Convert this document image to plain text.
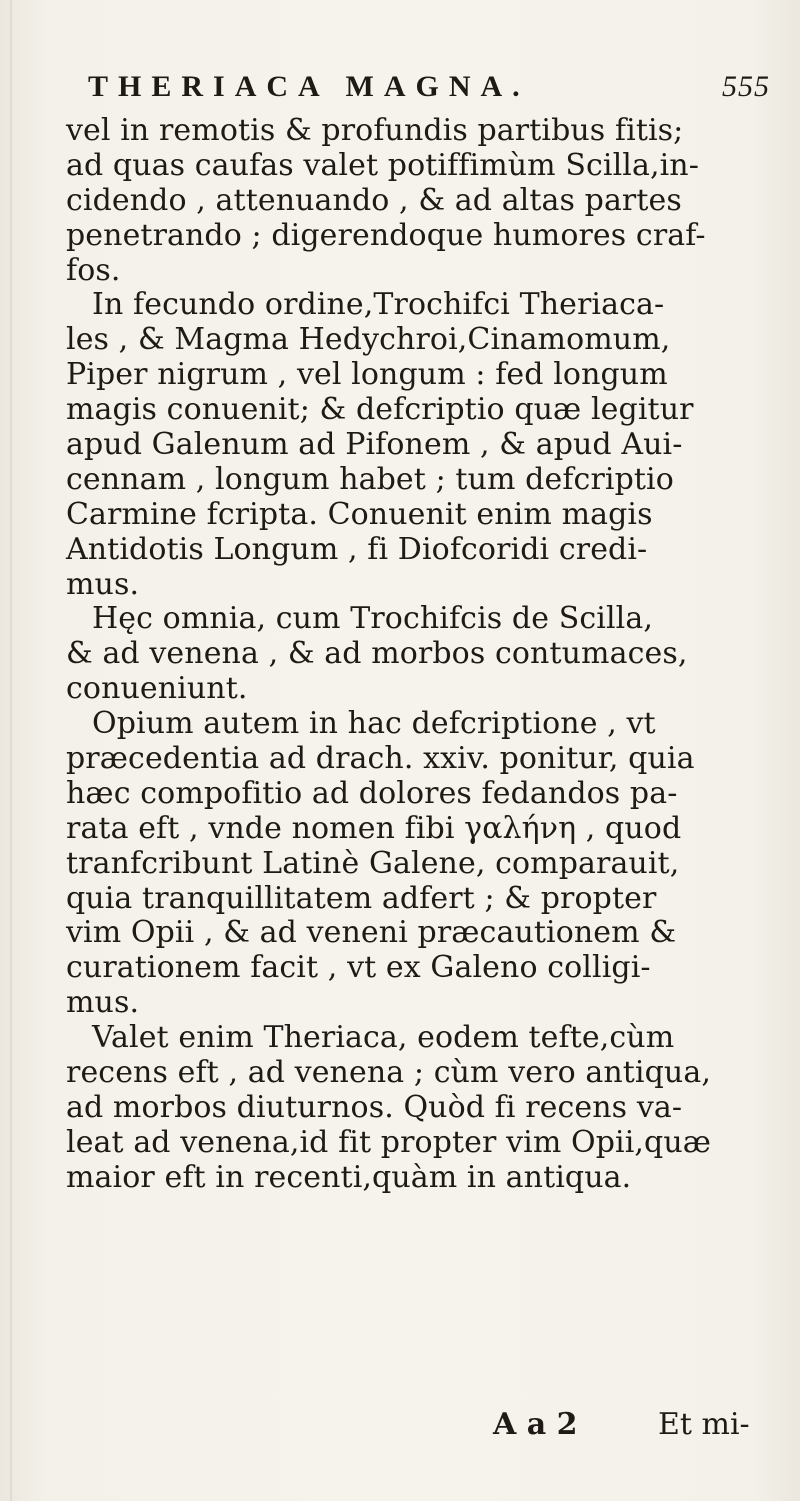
THERIACA MAGNA.	555
vel in remotis & profundis partibus fitis;
ad quas caufas valet potiffimùm Scilla,in-
cidendo , attenuando , & ad altas partes
penetrando ; digerendoque humores craf-
fos.
In fecundo ordine,Trochifci Theriaca-
les , & Magma Hedychroi,Cinamomum,
Piper nigrum , vel longum : fed longum
magis conuenit; & defcriptio quæ legitur
apud Galenum ad Pifonem , & apud Aui-
cennam , longum habet ; tum defcriptio
Carmine fcripta. Conuenit enim magis
Antidotis Longum , fi Diofcoridi credi-
mus.
Hęc omnia, cum Trochifcis de Scilla,
& ad venena , & ad morbos contumaces,
conueniunt.
Opium autem in hac defcriptione , vt
præcedentia ad drach. xxiv. ponitur, quia
hæc compofitio ad dolores fedandos pa-
rata eft , vnde nomen fibi γαλήνη , quod
tranfcribunt Latinè Galene, comparauit,
quia tranquillitatem adfert ; & propter
vim Opii , & ad veneni præcautionem &
curationem facit , vt ex Galeno colligi-
mus.
Valet enim Theriaca, eodem tefte,cùm
recens eft , ad venena ; cùm vero antiqua,
ad morbos diuturnos. Quòd fi recens va-
leat ad venena,id fit propter vim Opii,quæ
maior eft in recenti,quàm in antiqua.
A a 2	Et mi-
